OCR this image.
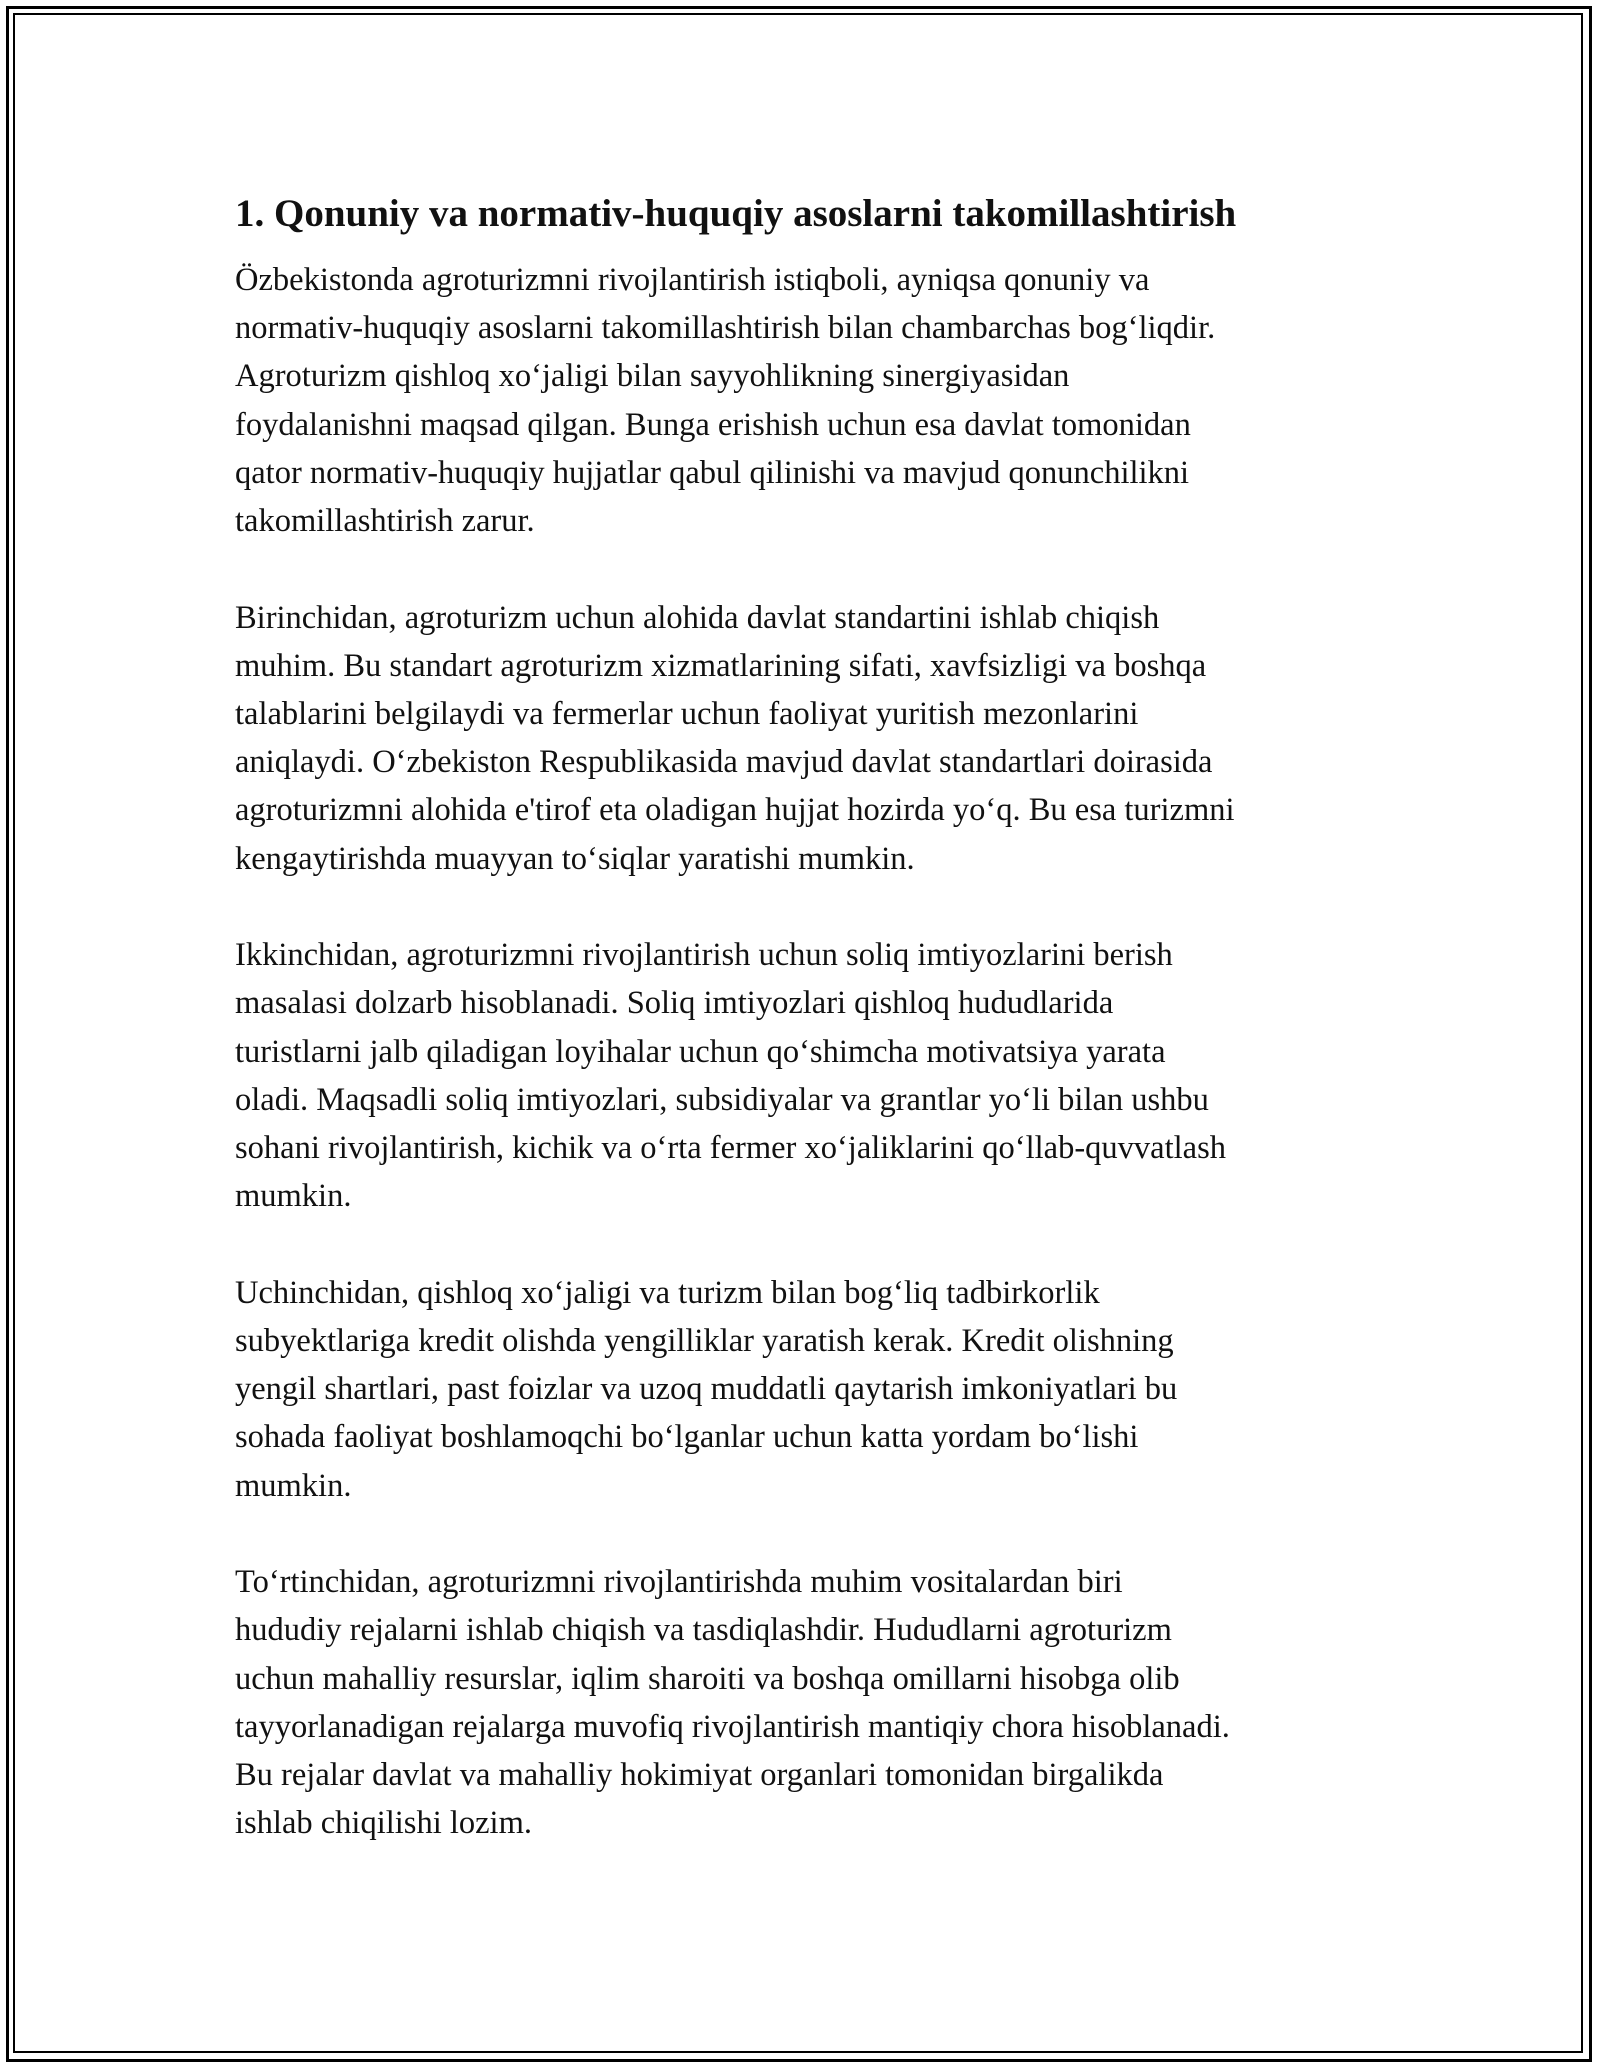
1. Qonuniy va normativ-huquqiy asoslarni takomillashtirish

Özbekistonda agroturizmni rivojlantirish istiqboli, ayniqsa qonuniy va
normativ-huquqiy asoslarni takomillashtirish bilan chambarchas bog‘liqdir.
Agroturizm qishloq xo‘jaligi bilan sayyohlikning sinergiyasidan
foydalanishni maqsad qilgan. Bunga erishish uchun esa davlat tomonidan
qator normativ-huquqiy hujjatlar qabul qilinishi va mavjud qonunchilikni
takomillashtirish zarur.

Birinchidan, agroturizm uchun alohida davlat standartini ishlab chiqish
muhim. Bu standart agroturizm xizmatlarining sifati, xavfsizligi va boshqa
talablarini belgilaydi va fermerlar uchun faoliyat yuritish mezonlarini
aniqlaydi. O‘zbekiston Respublikasida mavjud davlat standartlari doirasida
agroturizmni alohida e'tirof eta oladigan hujjat hozirda yo‘q. Bu esa turizmni
kengaytirishda muayyan to‘siqlar yaratishi mumkin.

Ikkinchidan, agroturizmni rivojlantirish uchun soliq imtiyozlarini berish
masalasi dolzarb hisoblanadi. Soliq imtiyozlari qishloq hududlarida
turistlarni jalb qiladigan loyihalar uchun qo‘shimcha motivatsiya yarata
oladi. Maqsadli soliq imtiyozlari, subsidiyalar va grantlar yo‘li bilan ushbu
sohani rivojlantirish, kichik va o‘rta fermer xo‘jaliklarini qo‘llab-quvvatlash
mumkin.

Uchinchidan, qishloq xo‘jaligi va turizm bilan bog‘liq tadbirkorlik
subyektlariga kredit olishda yengilliklar yaratish kerak. Kredit olishning
yengil shartlari, past foizlar va uzoq muddatli qaytarish imkoniyatlari bu
sohada faoliyat boshlamoqchi bo‘lganlar uchun katta yordam bo‘lishi
mumkin.

To‘rtinchidan, agroturizmni rivojlantirishda muhim vositalardan biri
hududiy rejalarni ishlab chiqish va tasdiqlashdir. Hududlarni agroturizm
uchun mahalliy resurslar, iqlim sharoiti va boshqa omillarni hisobga olib
tayyorlanadigan rejalarga muvofiq rivojlantirish mantiqiy chora hisoblanadi.
Bu rejalar davlat va mahalliy hokimiyat organlari tomonidan birgalikda
ishlab chiqilishi lozim.
